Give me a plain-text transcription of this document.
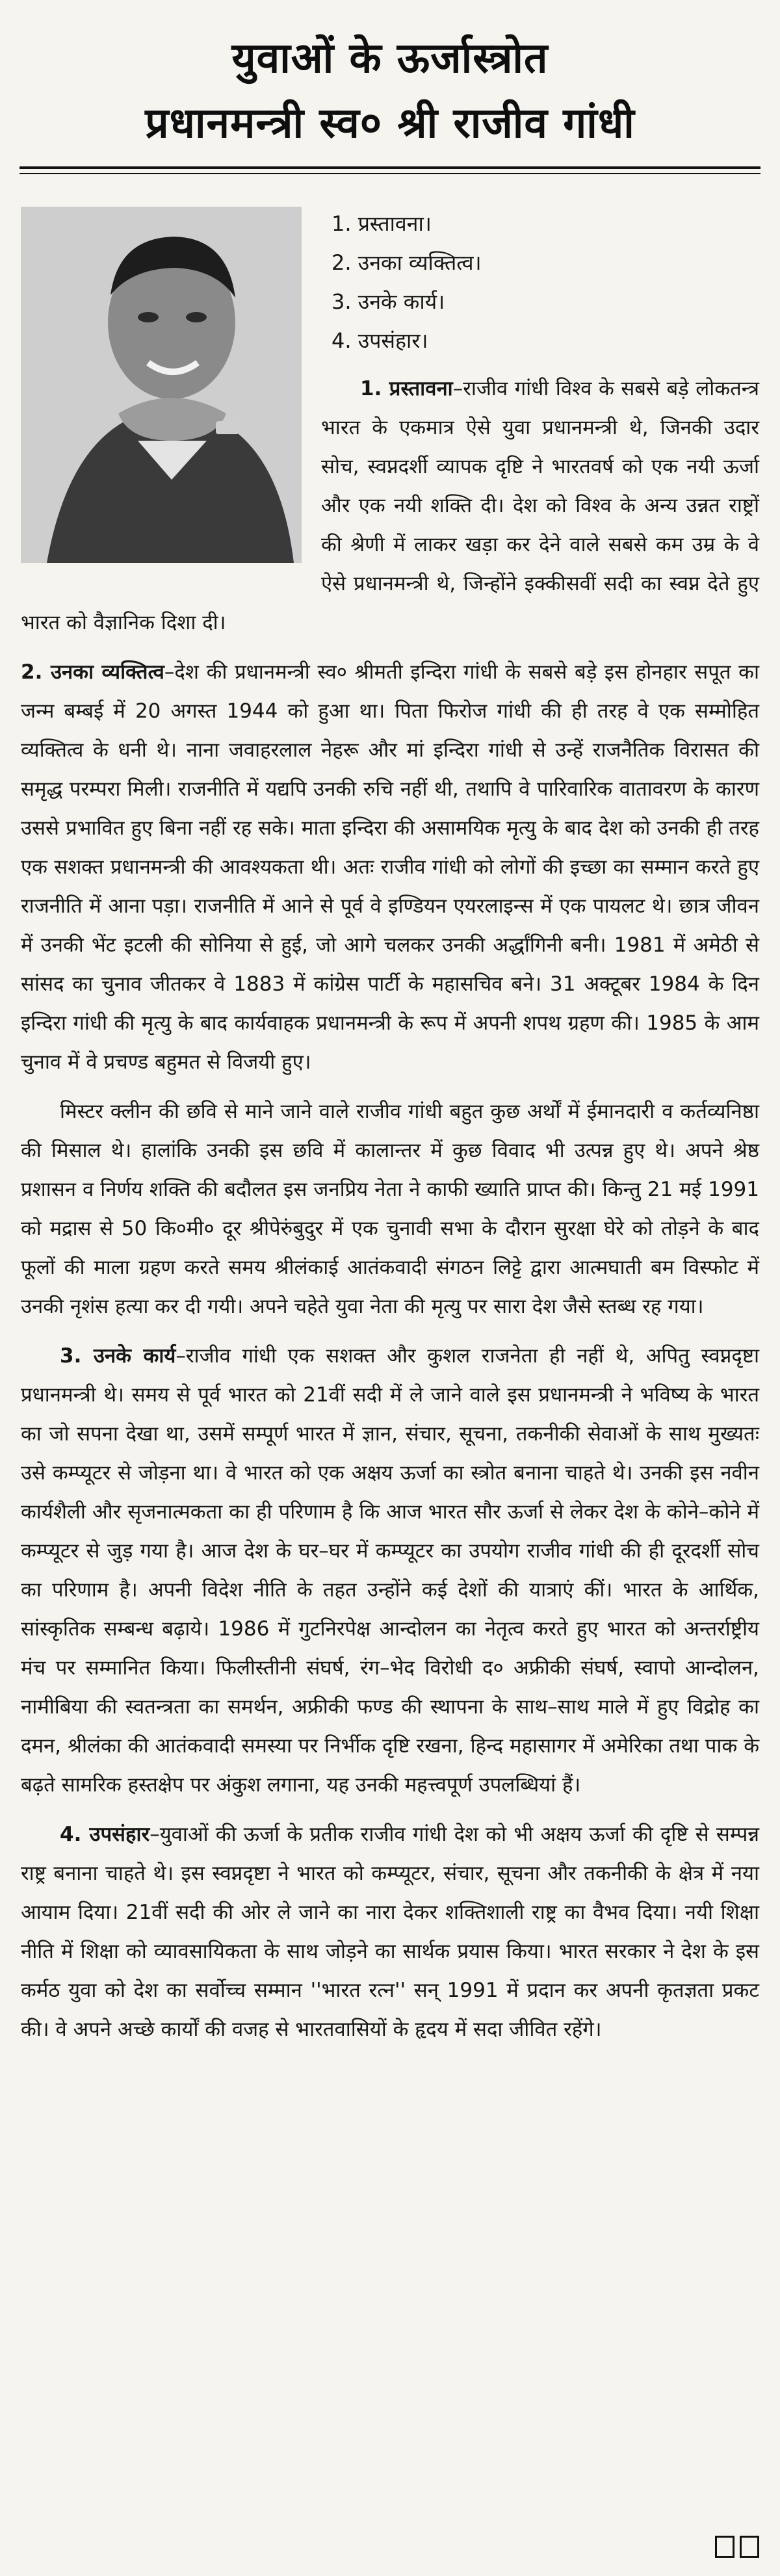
युवाओं के ऊर्जास्त्रोत
प्रधानमन्त्री स्व० श्री राजीव गांधी
1. प्रस्तावना।
2. उनका व्यक्तित्व।
3. उनके कार्य।
4. उपसंहार।

1. प्रस्तावना–राजीव गांधी विश्व के सबसे बड़े लोकतन्त्र भारत के एकमात्र ऐसे युवा प्रधानमन्त्री थे, जिनकी उदार सोच, स्वप्नदर्शी व्यापक दृष्टि ने भारतवर्ष को एक नयी ऊर्जा और एक नयी शक्ति दी। देश को विश्व के अन्य उन्नत राष्ट्रों की श्रेणी में लाकर खड़ा कर देने वाले सबसे कम उम्र के वे ऐसे प्रधानमन्त्री थे, जिन्होंने इक्कीसवीं सदी का स्वप्न देते हुए भारत को वैज्ञानिक दिशा दी।

2. उनका व्यक्तित्व–देश की प्रधानमन्त्री स्व० श्रीमती इन्दिरा गांधी के सबसे बड़े इस होनहार सपूत का जन्म बम्बई में 20 अगस्त 1944 को हुआ था। पिता फिरोज गांधी की ही तरह वे एक सम्मोहित व्यक्तित्व के धनी थे। नाना जवाहरलाल नेहरू और मां इन्दिरा गांधी से उन्हें राजनैतिक विरासत की समृद्ध परम्परा मिली। राजनीति में यद्यपि उनकी रुचि नहीं थी, तथापि वे पारिवारिक वातावरण के कारण उससे प्रभावित हुए बिना नहीं रह सके। माता इन्दिरा की असामयिक मृत्यु के बाद देश को उनकी ही तरह एक सशक्त प्रधानमन्त्री की आवश्यकता थी। अतः राजीव गांधी को लोगों की इच्छा का सम्मान करते हुए राजनीति में आना पड़ा। राजनीति में आने से पूर्व वे इण्डियन एयरलाइन्स में एक पायलट थे। छात्र जीवन में उनकी भेंट इटली की सोनिया से हुई, जो आगे चलकर उनकी अर्द्धांगिनी बनी। 1981 में अमेठी से सांसद का चुनाव जीतकर वे 1883 में कांग्रेस पार्टी के महासचिव बने। 31 अक्टूबर 1984 के दिन इन्दिरा गांधी की मृत्यु के बाद कार्यवाहक प्रधानमन्त्री के रूप में अपनी शपथ ग्रहण की। 1985 के आम चुनाव में वे प्रचण्ड बहुमत से विजयी हुए।

मिस्टर क्लीन की छवि से माने जाने वाले राजीव गांधी बहुत कुछ अर्थों में ईमानदारी व कर्तव्यनिष्ठा की मिसाल थे। हालांकि उनकी इस छवि में कालान्तर में कुछ विवाद भी उत्पन्न हुए थे। अपने श्रेष्ठ प्रशासन व निर्णय शक्ति की बदौलत इस जनप्रिय नेता ने काफी ख्याति प्राप्त की। किन्तु 21 मई 1991 को मद्रास से 50 कि०मी० दूर श्रीपेरुंबुदुर में एक चुनावी सभा के दौरान सुरक्षा घेरे को तोड़ने के बाद फूलों की माला ग्रहण करते समय श्रीलंकाई आतंकवादी संगठन लिट्टे द्वारा आत्मघाती बम विस्फोट में उनकी नृशंस हत्या कर दी गयी। अपने चहेते युवा नेता की मृत्यु पर सारा देश जैसे स्तब्ध रह गया।

3. उनके कार्य–राजीव गांधी एक सशक्त और कुशल राजनेता ही नहीं थे, अपितु स्वप्नदृष्टा प्रधानमन्त्री थे। समय से पूर्व भारत को 21वीं सदी में ले जाने वाले इस प्रधानमन्त्री ने भविष्य के भारत का जो सपना देखा था, उसमें सम्पूर्ण भारत में ज्ञान, संचार, सूचना, तकनीकी सेवाओं के साथ मुख्यतः उसे कम्प्यूटर से जोड़ना था। वे भारत को एक अक्षय ऊर्जा का स्त्रोत बनाना चाहते थे। उनकी इस नवीन कार्यशैली और सृजनात्मकता का ही परिणाम है कि आज भारत सौर ऊर्जा से लेकर देश के कोने–कोने में कम्प्यूटर से जुड़ गया है। आज देश के घर–घर में कम्प्यूटर का उपयोग राजीव गांधी की ही दूरदर्शी सोच का परिणाम है। अपनी विदेश नीति के तहत उन्होंने कई देशों की यात्राएं कीं। भारत के आर्थिक, सांस्कृतिक सम्बन्ध बढ़ाये। 1986 में गुटनिरपेक्ष आन्दोलन का नेतृत्व करते हुए भारत को अन्तर्राष्ट्रीय मंच पर सम्मानित किया। फिलीस्तीनी संघर्ष, रंग–भेद विरोधी द० अफ्रीकी संघर्ष, स्वापो आन्दोलन, नामीबिया की स्वतन्त्रता का समर्थन, अफ्रीकी फण्ड की स्थापना के साथ–साथ माले में हुए विद्रोह का दमन, श्रीलंका की आतंकवादी समस्या पर निर्भीक दृष्टि रखना, हिन्द महासागर में अमेरिका तथा पाक के बढ़ते सामरिक हस्तक्षेप पर अंकुश लगाना, यह उनकी महत्त्वपूर्ण उपलब्धियां हैं।

4. उपसंहार–युवाओं की ऊर्जा के प्रतीक राजीव गांधी देश को भी अक्षय ऊर्जा की दृष्टि से सम्पन्न राष्ट्र बनाना चाहते थे। इस स्वप्नदृष्टा ने भारत को कम्प्यूटर, संचार, सूचना और तकनीकी के क्षेत्र में नया आयाम दिया। 21वीं सदी की ओर ले जाने का नारा देकर शक्तिशाली राष्ट्र का वैभव दिया। नयी शिक्षा नीति में शिक्षा को व्यावसायिकता के साथ जोड़ने का सार्थक प्रयास किया। भारत सरकार ने देश के इस कर्मठ युवा को देश का सर्वोच्च सम्मान ''भारत रत्न'' सन् 1991 में प्रदान कर अपनी कृतज्ञता प्रकट की। वे अपने अच्छे कार्यों की वजह से भारतवासियों के हृदय में सदा जीवित रहेंगे।
